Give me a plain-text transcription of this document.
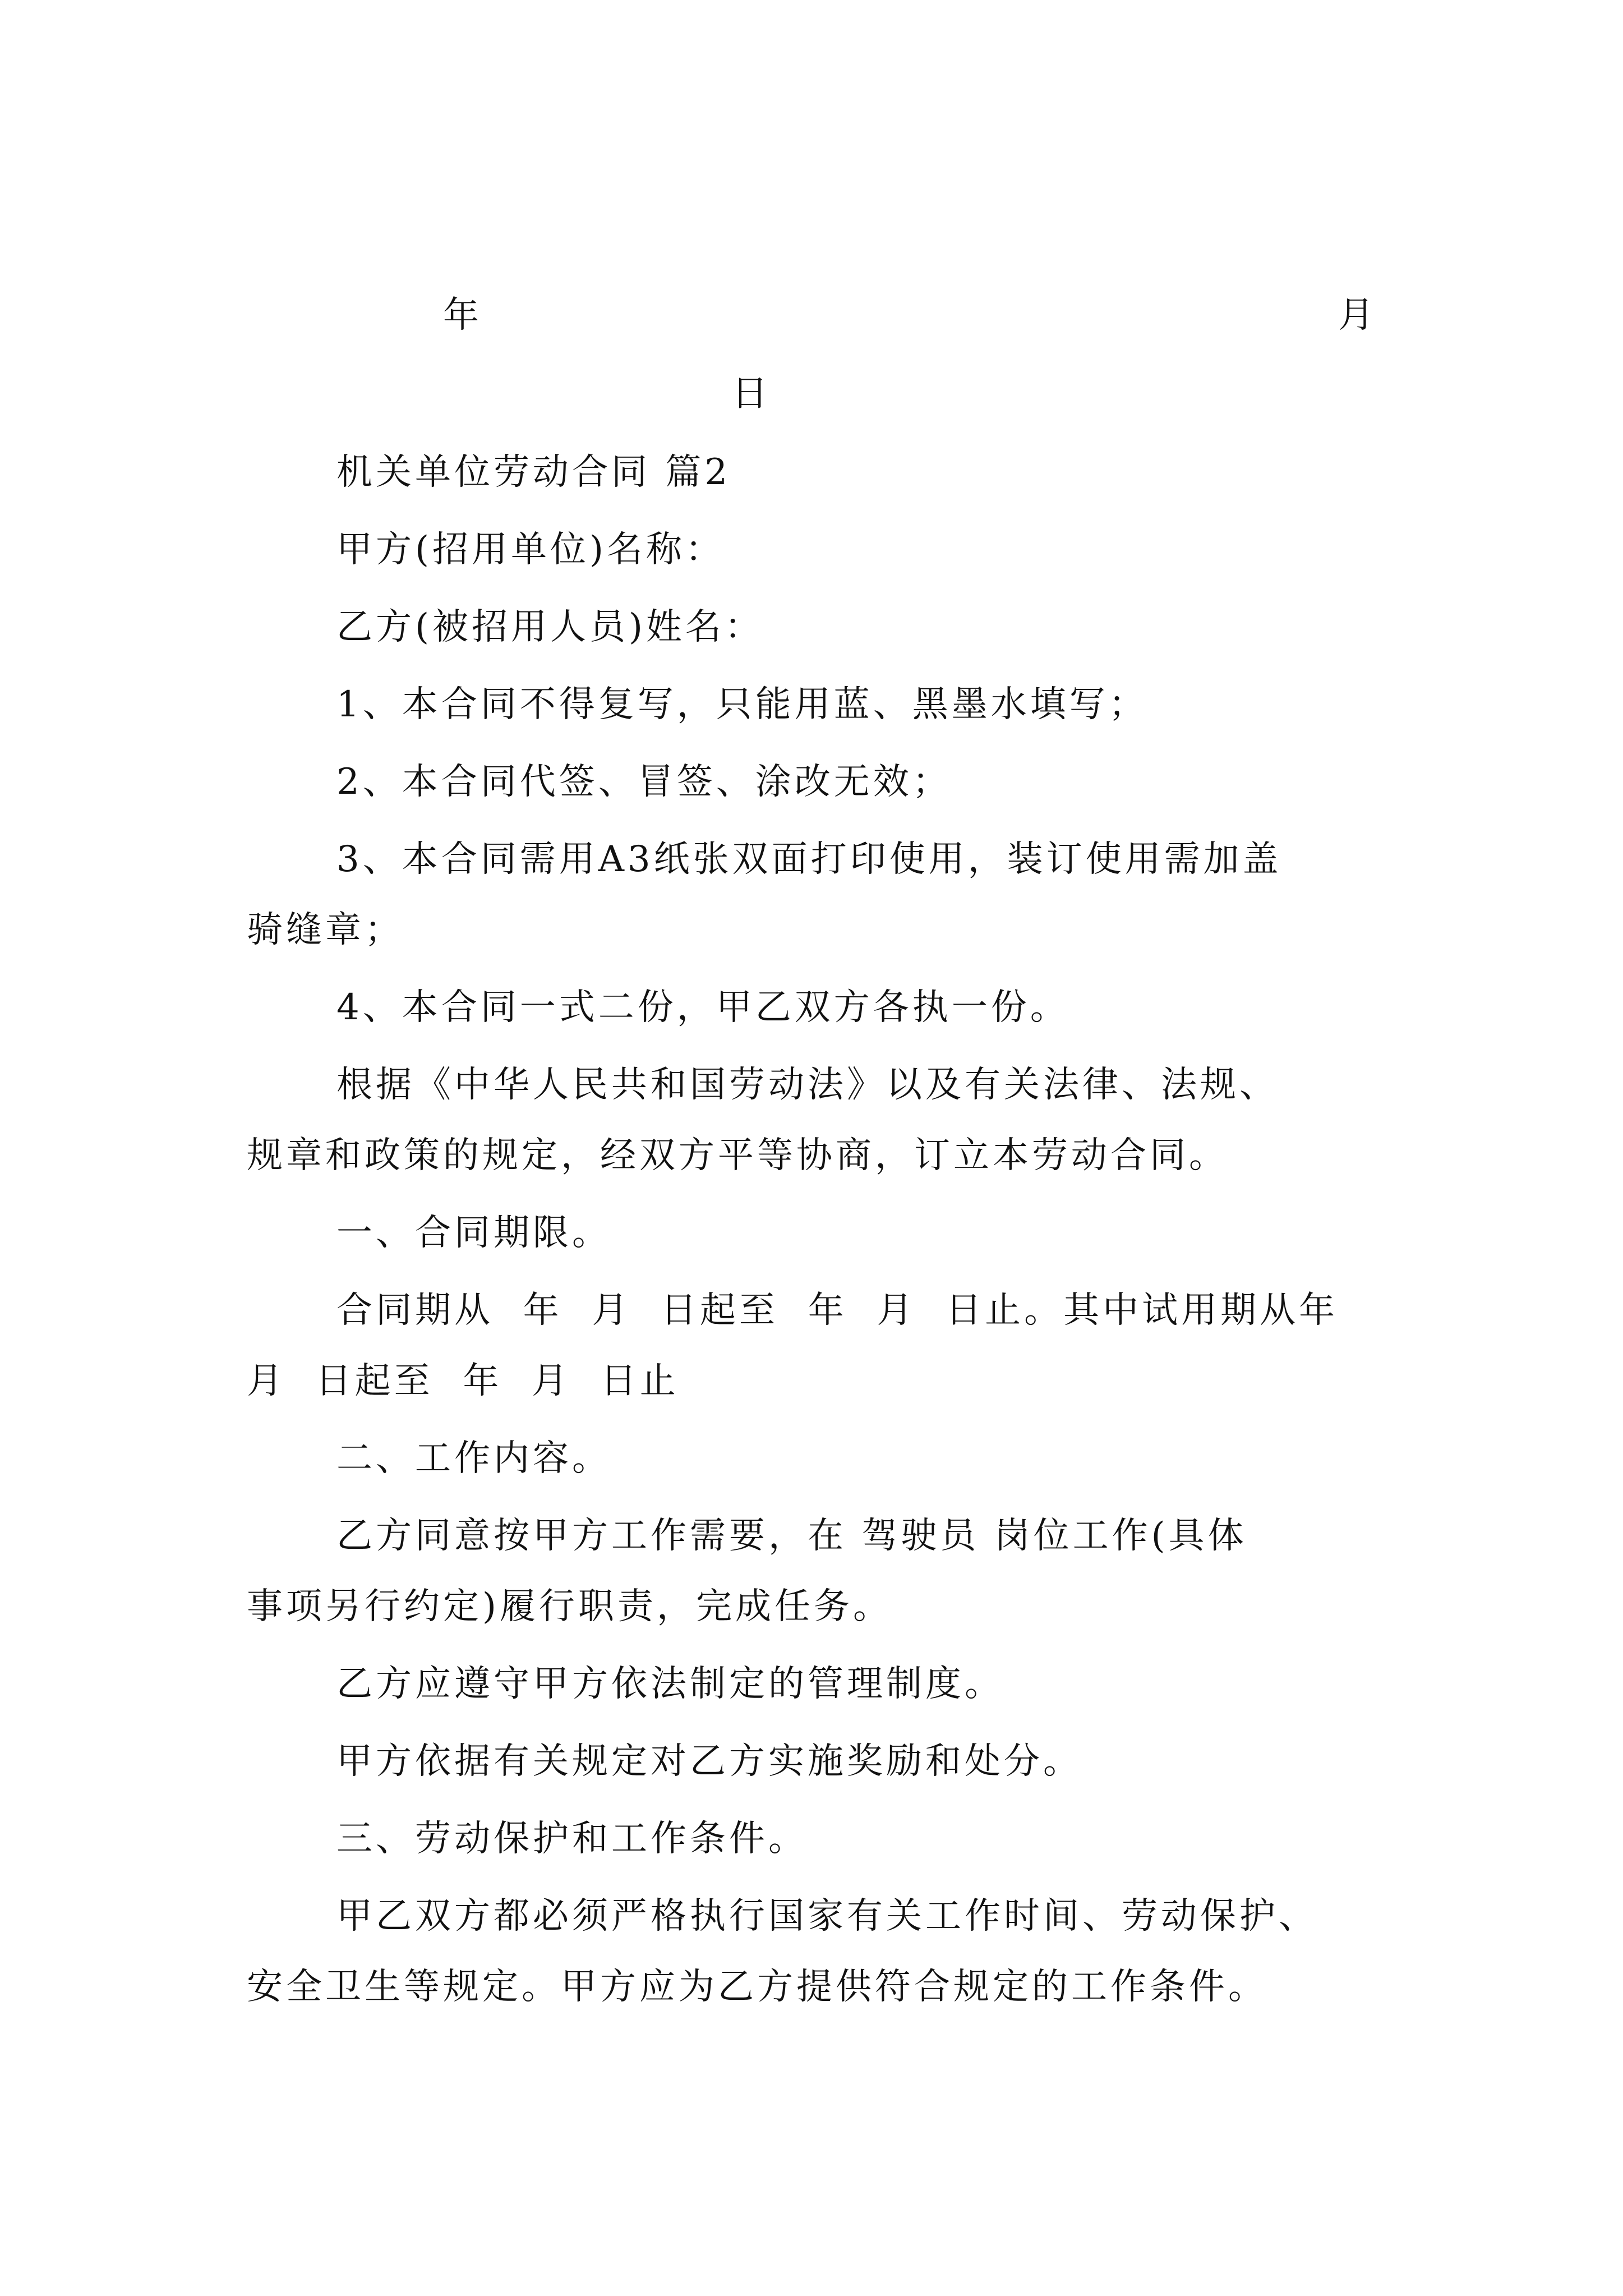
年	月
日
机关单位劳动合同 篇2
甲方(招用单位)名称：
乙方(被招用人员)姓名：
1、本合同不得复写，只能用蓝、黑墨水填写；
2、本合同代签、冒签、涂改无效；
3、本合同需用A3纸张双面打印使用，装订使用需加盖
骑缝章；
4、本合同一式二份，甲乙双方各执一份。
根据《中华人民共和国劳动法》以及有关法律、法规、
规章和政策的规定，经双方平等协商，订立本劳动合同。
一、合同期限。
合同期从  年  月  日起至  年  月  日止。其中试用期从年
月  日起至  年  月  日止
二、工作内容。
乙方同意按甲方工作需要，在 驾驶员 岗位工作(具体
事项另行约定)履行职责，完成任务。
乙方应遵守甲方依法制定的管理制度。
甲方依据有关规定对乙方实施奖励和处分。
三、劳动保护和工作条件。
甲乙双方都必须严格执行国家有关工作时间、劳动保护、
安全卫生等规定。甲方应为乙方提供符合规定的工作条件。
